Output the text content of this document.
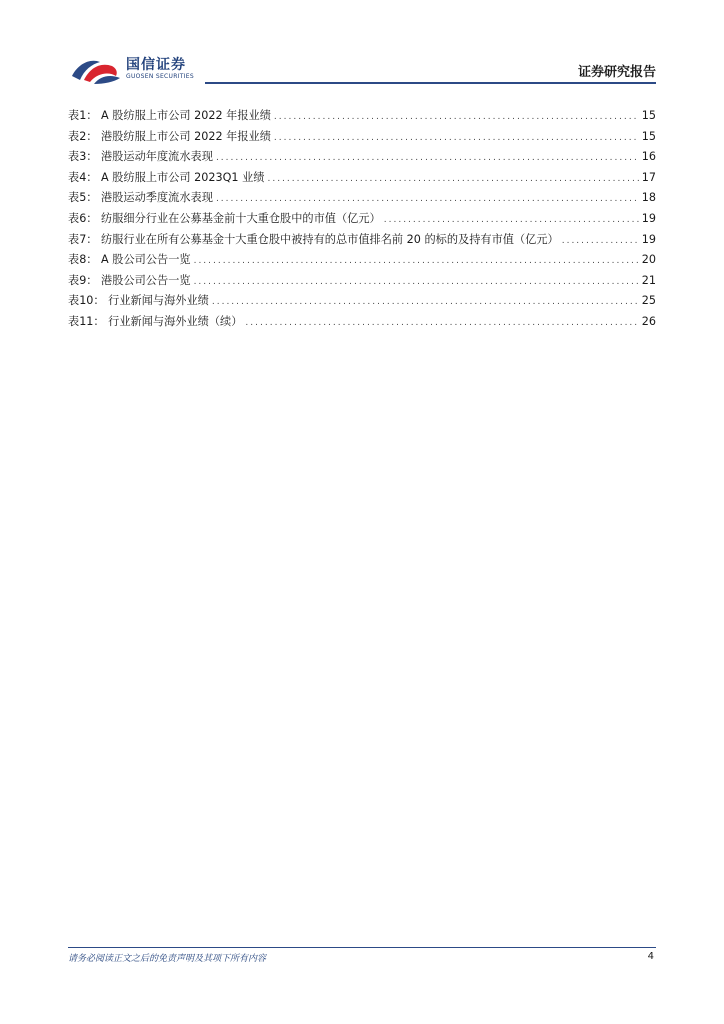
国信证券
GUOSEN SECURITIES	证券研究报告
表1： A 股纺服上市公司 2022 年报业绩 .....	15
表2： 港股纺服上市公司 2022 年报业绩 .....	15
表3： 港股运动年度流水表现 .....	16
表4： A 股纺服上市公司 2023Q1 业绩 .....	17
表5： 港股运动季度流水表现 .....	18
表6： 纺服细分行业在公募基金前十大重仓股中的市值（亿元） .....	19
表7： 纺服行业在所有公募基金十大重仓股中被持有的总市值排名前 20 的标的及持有市值（亿元） .....	19
表8： A 股公司公告一览 .....	20
表9： 港股公司公告一览 .....	21
表10： 行业新闻与海外业绩 .....	25
表11： 行业新闻与海外业绩（续） .....	26
请务必阅读正文之后的免责声明及其项下所有内容	4
